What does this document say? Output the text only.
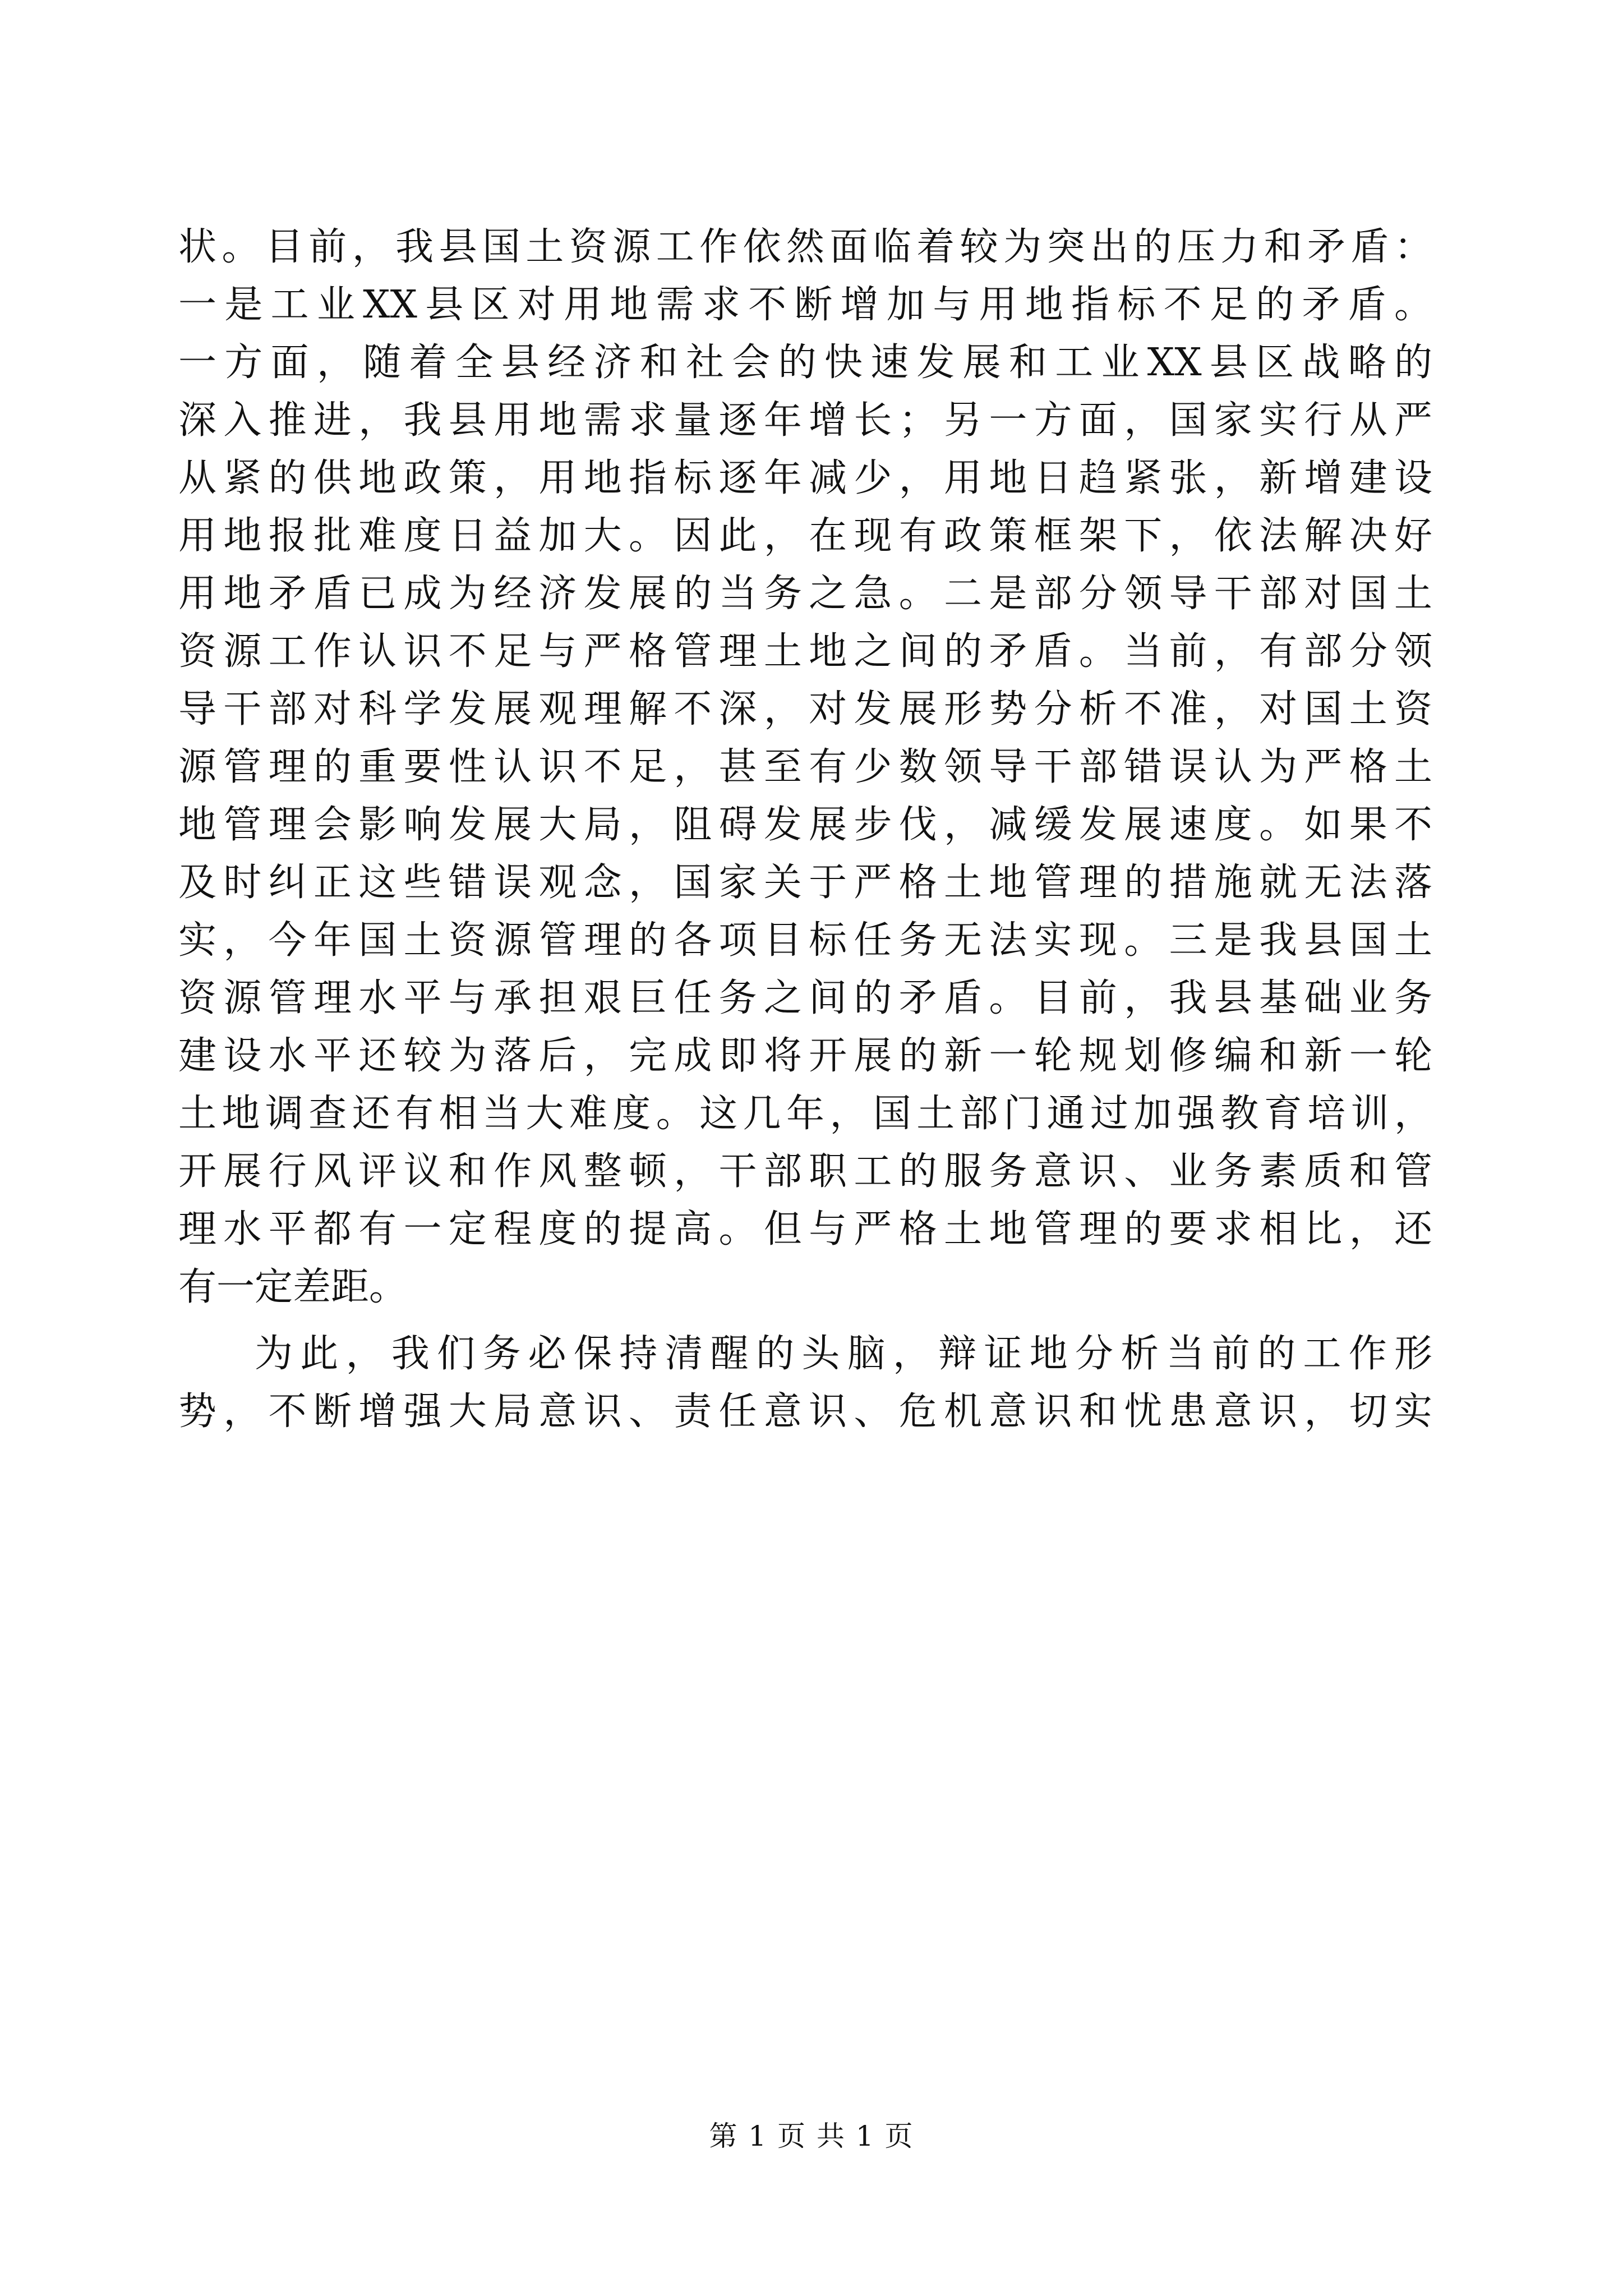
状。目前，我县国土资源工作依然面临着较为突出的压力和矛盾：
一是工业XX县区对用地需求不断增加与用地指标不足的矛盾。
一方面，随着全县经济和社会的快速发展和工业XX县区战略的
深入推进，我县用地需求量逐年增长；另一方面，国家实行从严
从紧的供地政策，用地指标逐年减少，用地日趋紧张，新增建设
用地报批难度日益加大。因此，在现有政策框架下，依法解决好
用地矛盾已成为经济发展的当务之急。二是部分领导干部对国土
资源工作认识不足与严格管理土地之间的矛盾。当前，有部分领
导干部对科学发展观理解不深，对发展形势分析不准，对国土资
源管理的重要性认识不足，甚至有少数领导干部错误认为严格土
地管理会影响发展大局，阻碍发展步伐，减缓发展速度。如果不
及时纠正这些错误观念，国家关于严格土地管理的措施就无法落
实，今年国土资源管理的各项目标任务无法实现。三是我县国土
资源管理水平与承担艰巨任务之间的矛盾。目前，我县基础业务
建设水平还较为落后，完成即将开展的新一轮规划修编和新一轮
土地调查还有相当大难度。这几年，国土部门通过加强教育培训，
开展行风评议和作风整顿，干部职工的服务意识、业务素质和管
理水平都有一定程度的提高。但与严格土地管理的要求相比，还
有一定差距。
为此，我们务必保持清醒的头脑，辩证地分析当前的工作形
势，不断增强大局意识、责任意识、危机意识和忧患意识，切实
第 1 页 共 1 页
